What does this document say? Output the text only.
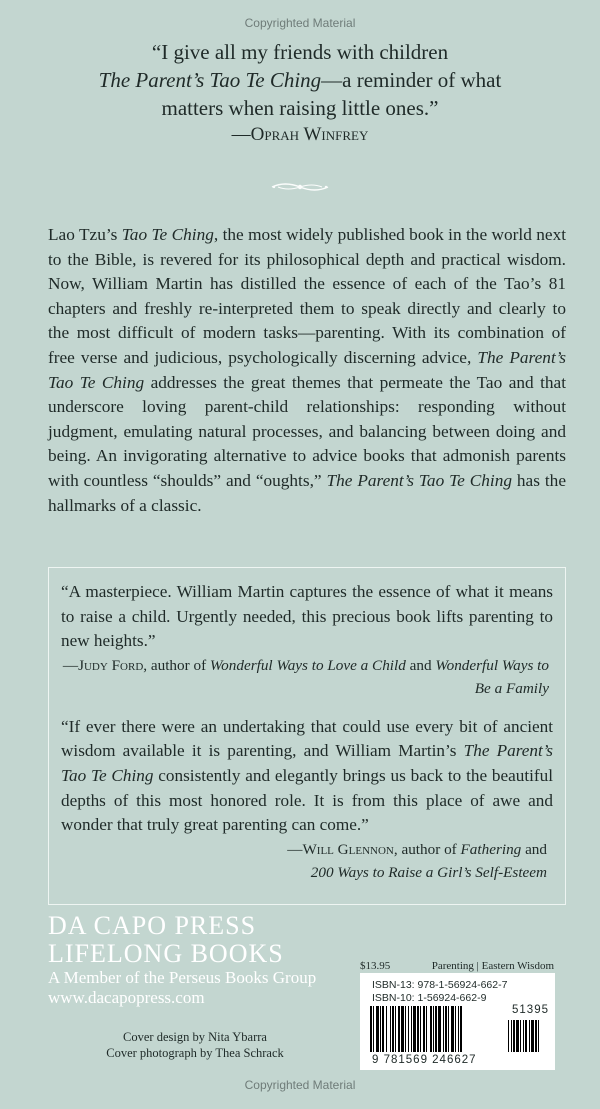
Copyrighted Material
“I give all my friends with children
The Parent’s Tao Te Ching—a reminder of what
matters when raising little ones.”
—Oprah Winfrey

Lao Tzu’s Tao Te Ching, the most widely published book in the world next to the Bible, is revered for its philosophical depth and practical wisdom. Now, William Martin has distilled the essence of each of the Tao’s 81 chapters and freshly re-interpreted them to speak directly and clearly to the most difficult of modern tasks—parenting. With its combination of free verse and judicious, psychologically discerning advice, The Parent’s Tao Te Ching addresses the great themes that permeate the Tao and that underscore loving parent-child relationships: responding without judgment, emulating natural processes, and balancing between doing and being. An invigorating alternative to advice books that admonish parents with countless “shoulds” and “oughts,” The Parent’s Tao Te Ching has the hallmarks of a classic.

“A masterpiece. William Martin captures the essence of what it means to raise a child. Urgently needed, this precious book lifts parenting to new heights.”
—Judy Ford, author of Wonderful Ways to Love a Child and Wonderful Ways to Be a Family
“If ever there were an undertaking that could use every bit of ancient wisdom available it is parenting, and William Martin’s The Parent’s Tao Te Ching consistently and elegantly brings us back to the beautiful depths of this most honored role. It is from this place of awe and wonder that truly great parenting can come.”
—Will Glennon, author of Fathering and
200 Ways to Raise a Girl’s Self-Esteem
DA CAPO PRESS
LIFELONG BOOKS
A Member of the Perseus Books Group
www.dacapopress.com
Cover design by Nita Ybarra
Cover photograph by Thea Schrack
$13.95	Parenting | Eastern Wisdom
ISBN-13: 978-1-56924-662-7
ISBN-10: 1-56924-662-9
9 781569 246627
51395
Copyrighted Material
